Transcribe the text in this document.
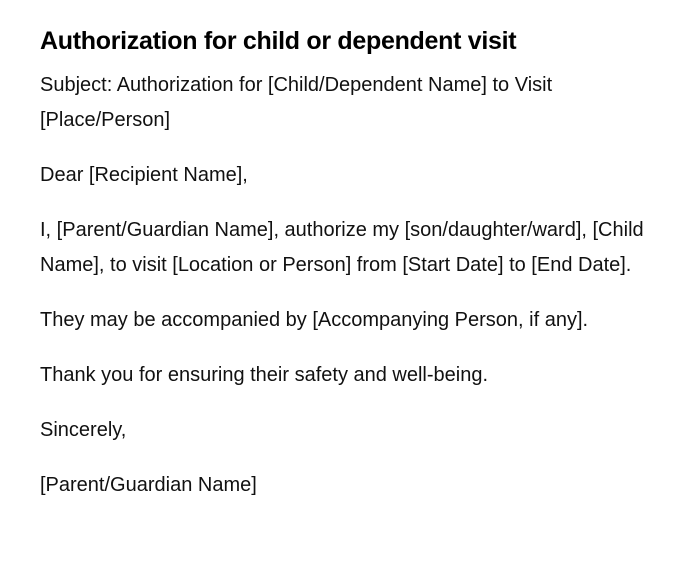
Authorization for child or dependent visit

Subject: Authorization for [Child/Dependent Name] to Visit [Place/Person]

Dear [Recipient Name],

I, [Parent/Guardian Name], authorize my [son/daughter/ward], [Child Name], to visit [Location or Person] from [Start Date] to [End Date].

They may be accompanied by [Accompanying Person, if any].

Thank you for ensuring their safety and well-being.

Sincerely,

[Parent/Guardian Name]
